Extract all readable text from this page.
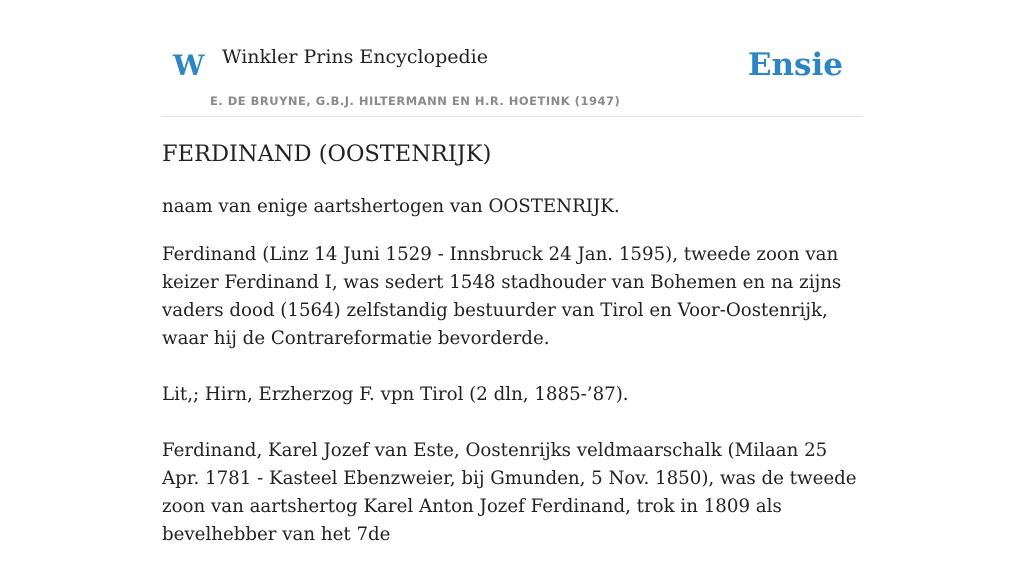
W Winkler Prins Encyclopedie
E. DE BRUYNE, G.B.J. HILTERMANN EN H.R. HOETINK (1947)
Ensie
FERDINAND (OOSTENRIJK)

naam van enige aartshertogen van OOSTENRIJK.

Ferdinand (Linz 14 Juni 1529 - Innsbruck 24 Jan. 1595), tweede zoon van keizer Ferdinand I, was sedert 1548 stadhouder van Bohemen en na zijns vaders dood (1564) zelfstandig bestuurder van Tirol en Voor-Oostenrijk, waar hij de Contrareformatie bevorderde.

Lit,; Hirn, Erzherzog F. vpn Tirol (2 dln, 1885-’87).

Ferdinand, Karel Jozef van Este, Oostenrijks veldmaarschalk (Milaan 25 Apr. 1781 - Kasteel Ebenzweier, bij Gmunden, 5 Nov. 1850), was de tweede zoon van aartshertog Karel Anton Jozef Ferdinand, trok in 1809 als bevelhebber van het 7de
